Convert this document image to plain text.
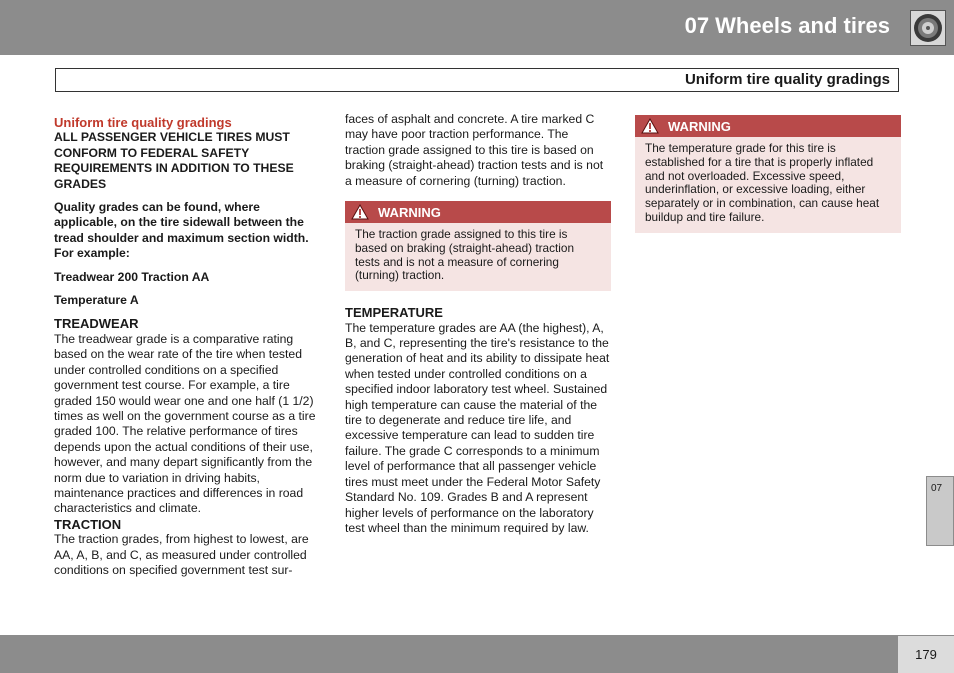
07 Wheels and tires
Uniform tire quality gradings

Uniform tire quality gradings

ALL PASSENGER VEHICLE TIRES MUST CONFORM TO FEDERAL SAFETY REQUIREMENTS IN ADDITION TO THESE GRADES

Quality grades can be found, where applicable, on the tire sidewall between the tread shoulder and maximum section width. For example:

Treadwear 200 Traction AA

Temperature A

TREADWEAR

The treadwear grade is a comparative rating based on the wear rate of the tire when tested under controlled conditions on a specified government test course. For example, a tire graded 150 would wear one and one half (1 1/2) times as well on the government course as a tire graded 100. The relative performance of tires depends upon the actual conditions of their use, however, and many depart significantly from the norm due to variation in driving habits, maintenance practices and differences in road characteristics and climate.

TRACTION

The traction grades, from highest to lowest, are AA, A, B, and C, as measured under controlled conditions on specified government test sur-

faces of asphalt and concrete. A tire marked C may have poor traction performance. The traction grade assigned to this tire is based on braking (straight-ahead) traction tests and is not a measure of cornering (turning) traction.

WARNING

The traction grade assigned to this tire is based on braking (straight-ahead) traction tests and is not a measure of cornering (turning) traction.

TEMPERATURE

The temperature grades are AA (the highest), A, B, and C, representing the tire's resistance to the generation of heat and its ability to dissipate heat when tested under controlled conditions on a specified indoor laboratory test wheel. Sustained high temperature can cause the material of the tire to degenerate and reduce tire life, and excessive temperature can lead to sudden tire failure. The grade C corresponds to a minimum level of performance that all passenger vehicle tires must meet under the Federal Motor Safety Standard No. 109. Grades B and A represent higher levels of performance on the laboratory test wheel than the minimum required by law.

WARNING

The temperature grade for this tire is established for a tire that is properly inflated and not overloaded. Excessive speed, underinflation, or excessive loading, either separately or in combination, can cause heat buildup and tire failure.

07
179
